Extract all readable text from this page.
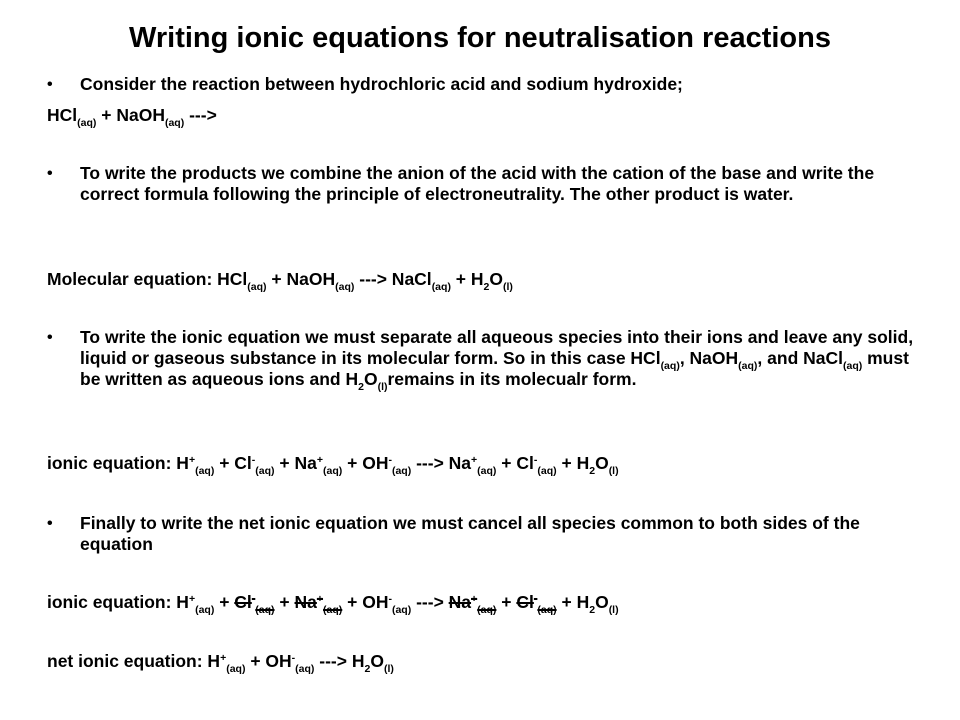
Writing ionic equations for neutralisation reactions
• Consider the reaction between hydrochloric acid and sodium hydroxide;
HCl$_{(aq)}$ + NaOH$_{(aq)}$ --->
• To write the products we combine the anion of the acid with the cation of the base and write the correct formula following the principle of electroneutrality. The other product is water.
Molecular equation: HCl$_{(aq)}$ + NaOH$_{(aq)}$ ---> NaCl$_{(aq)}$ + $H_2O_{(l)}$
• To write the ionic equation we must separate all aqueous species into their ions and leave any solid, liquid or gaseous substance in its molecular form. So in this case HCl$_{(aq)}$, NaOH$_{(aq)}$, and NaCl$_{(aq)}$ must be written as aqueous ions and $H_2O_{(l)}remains$ in its molecualr form.
ionic equation: $H^+_{(aq)} + Cl^-_{(aq)} + Na^+_{(aq)} + OH^-_{(aq)}$ ---> $Na^+_{(aq)} + Cl^-_{(aq)} + H_2O_{(l)}$
• Finally to write the net ionic equation we must cancel all species common to both sides of the equation
ionic equation: $H^+_{(aq)} + Cl^-_{(aq)} + Na^+_{(aq)} + OH^-_{(aq)}$ ---> $Na^+_{(aq)} + Cl^-_{(aq)} + H_2O_{(l)}$
net ionic equation: $H^+_{(aq)} + OH^-_{(aq)}$ ---> $H_2O_{(l)}$
